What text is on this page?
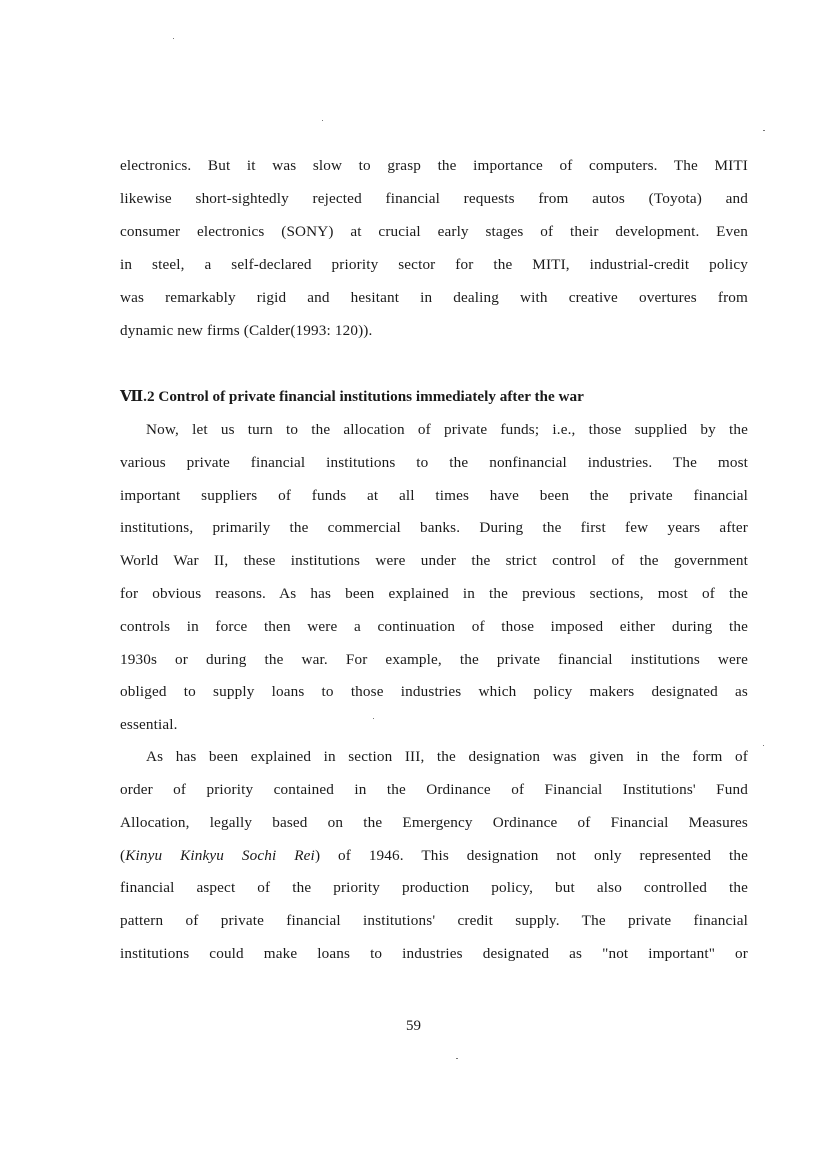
electronics. But it was slow to grasp the importance of computers. The MITI
likewise short-sightedly rejected financial requests from autos (Toyota) and
consumer electronics (SONY) at crucial early stages of their development. Even
in steel, a self-declared priority sector for the MITI, industrial-credit policy
was remarkably rigid and hesitant in dealing with creative overtures from
dynamic new firms (Calder(1993: 120)).
Ⅶ.2 Control of private financial institutions immediately after the war
Now, let us turn to the allocation of private funds; i.e., those supplied by the
various private financial institutions to the nonfinancial industries. The most
important suppliers of funds at all times have been the private financial
institutions, primarily the commercial banks. During the first few years after
World War II, these institutions were under the strict control of the government
for obvious reasons. As has been explained in the previous sections, most of the
controls in force then were a continuation of those imposed either during the
1930s or during the war. For example, the private financial institutions were
obliged to supply loans to those industries which policy makers designated as
essential.
As has been explained in section III, the designation was given in the form of
order of priority contained in the Ordinance of Financial Institutions' Fund
Allocation, legally based on the Emergency Ordinance of Financial Measures
(Kinyu Kinkyu Sochi Rei) of 1946. This designation not only represented the
financial aspect of the priority production policy, but also controlled the
pattern of private financial institutions' credit supply. The private financial
institutions could make loans to industries designated as "not important" or
59
